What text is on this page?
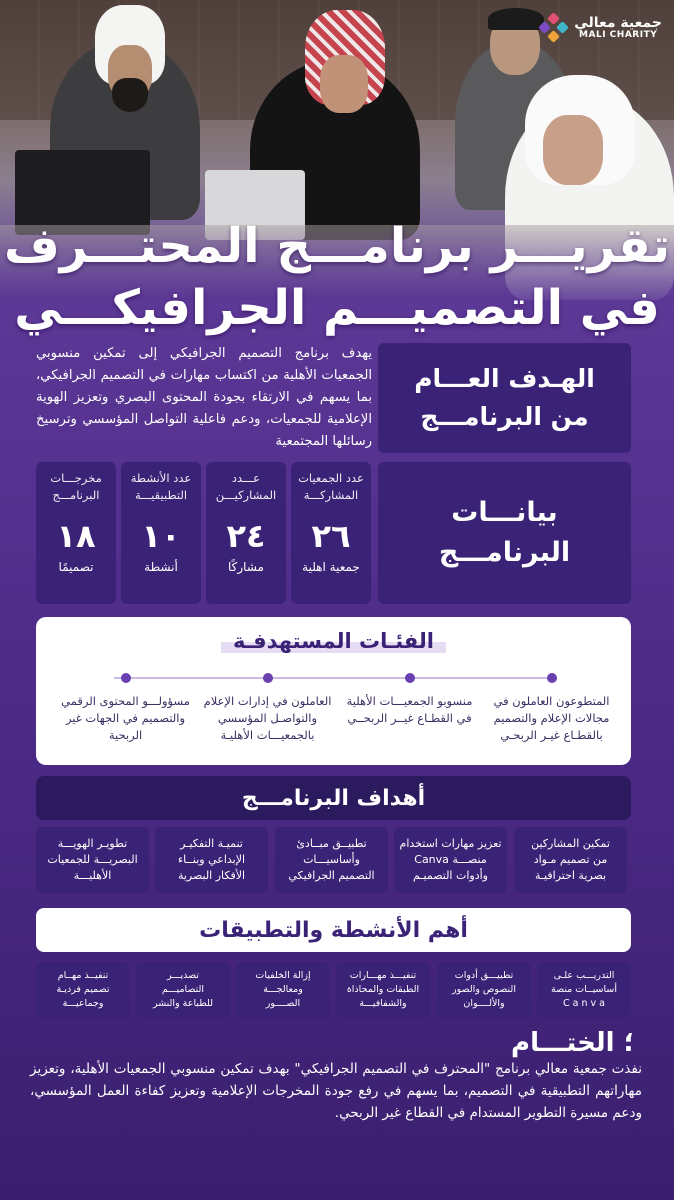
جمعية معالي
MALI CHARITY
تقريـــر برنامـــج المحتـــرف
في التصميـــم الجرافيكـــي
الهـدف العـــام
من البرنامـــج

يهدف برنامج التصميم الجرافيكي إلى تمكين منسوبي الجمعيات الأهلية من اكتساب مهارات في التصميم الجرافيكي، بما يسهم في الارتقاء بجودة المحتوى البصري وتعزيز الهوية الإعلامية للجمعيات، ودعم فاعلية التواصل المؤسسي وترسيخ رسائلها المجتمعية

بيانـــات
البرنامـــج
عدد الجمعيات
المشاركـــة
٢٦
جمعية اهلية
عـــدد
المشاركيـــن
٢٤
مشاركًا
عدد الأنشطة
التطبيقيـــة
١٠
أنشطة
مخرجـــات
البرنامـــج
١٨
تصميمًا
الفئـات المستهدفـة
المتطوعون العاملون في مجالات الإعلام والتصميم بالقطـاع غيـر الربحـي
منسوبو الجمعيـــات الأهلية في القطـاع غيــر الربحــي
العاملون في إدارات الإعلام والتواصـل المؤسسي بالجمعيـــات الأهليـة
مسؤولـــو المحتوى الرقمي والتصميم في الجهات غير الربحية
أهداف البرنامـــج
تمكين المشاركين
من تصميم مـواد
بصرية احترافيـة
تعزيز مهارات استخدام
منصـــة Canva
وأدوات التصميـم
تطبيــق مبــادئ
وأساسيـــات
التصميم الجرافيكي
تنميـة التفكيـر
الإبداعي وبنــاء
الأفكار البصرية
تطويـر الهويـــة
البصريـــة للجمعيات
الأهليـــة
أهم الأنشطة والتطبيقات
التدريـــب علـى
أساسيــات منصة
C a n v a
تطبيـــق أدوات
النصوص والصور
والألــــوان
تنفيـــذ مهـــارات
الطبقات والمحاذاة
والشفافيـــة
إزالة الخلفيات
ومعالجـــة
الصــــور
تصديـــر
التصاميـــم
للطباعة والنشر
تنفيــذ مهــام
تصميم فرديـة
وجماعيـــة
؛ الختـــام

نفذت جمعية معالي برنامج "المحترف في التصميم الجرافيكي" بهدف تمكين منسوبي الجمعيات الأهلية، وتعزيز مهاراتهم التطبيقية في التصميم، بما يسهم في رفع جودة المخرجات الإعلامية وتعزيز كفاءة العمل المؤسسي، ودعم مسيرة التطوير المستدام في القطاع غير الربحي.
